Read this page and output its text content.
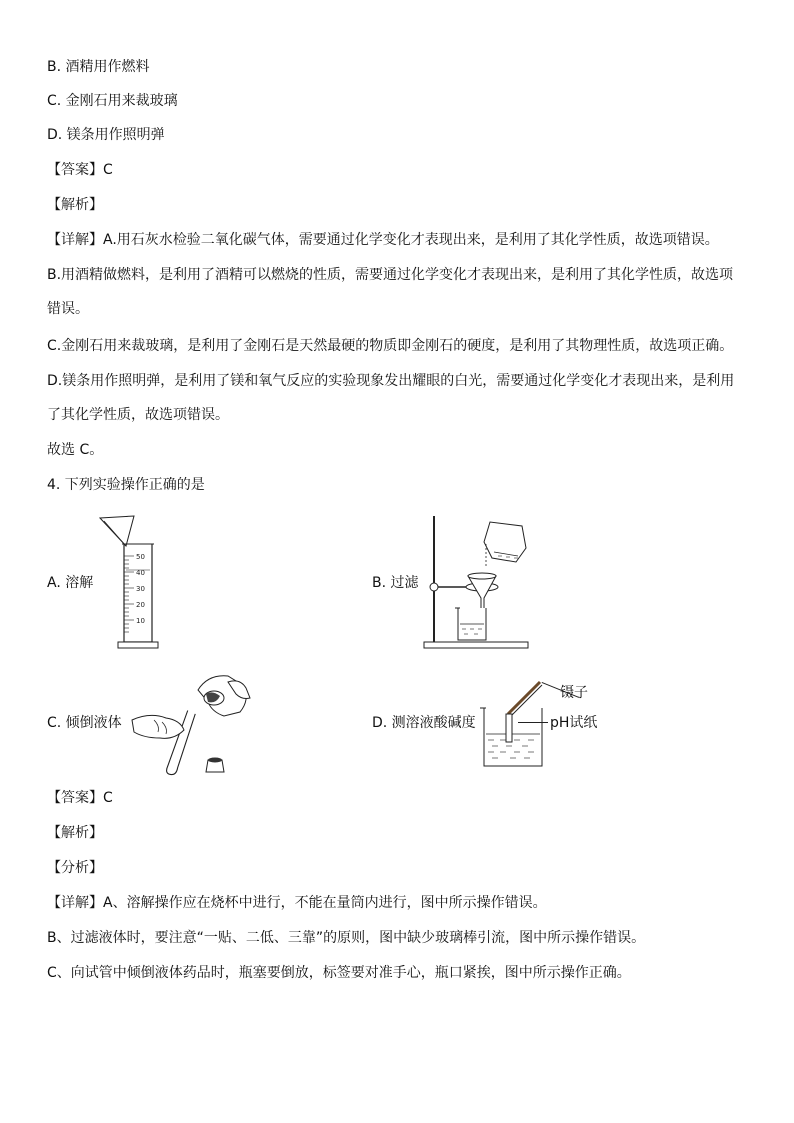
B. 酒精用作燃料
C. 金刚石用来裁玻璃
D. 镁条用作照明弹
【答案】C
【解析】
【详解】A.用石灰水检验二氧化碳气体，需要通过化学变化才表现出来，是利用了其化学性质，故选项错误。
B.用酒精做燃料，是利用了酒精可以燃烧的性质，需要通过化学变化才表现出来，是利用了其化学性质，故选项
错误。
C.金刚石用来裁玻璃，是利用了金刚石是天然最硬的物质即金刚石的硬度，是利用了其物理性质，故选项正确。
D.镁条用作照明弹，是利用了镁和氧气反应的实验现象发出耀眼的白光，需要通过化学变化才表现出来，是利用
了其化学性质，故选项错误。
故选 C。
4. 下列实验操作正确的是
A. 溶解	B. 过滤
C. 倾倒液体	D. 测溶液酸碱度
50
40
30
20
10
镊子
pH试纸
【答案】C
【解析】
【分析】
【详解】A、溶解操作应在烧杯中进行，不能在量筒内进行，图中所示操作错误。
B、过滤液体时，要注意“一贴、二低、三靠”的原则，图中缺少玻璃棒引流，图中所示操作错误。
C、向试管中倾倒液体药品时，瓶塞要倒放，标签要对准手心，瓶口紧挨，图中所示操作正确。
